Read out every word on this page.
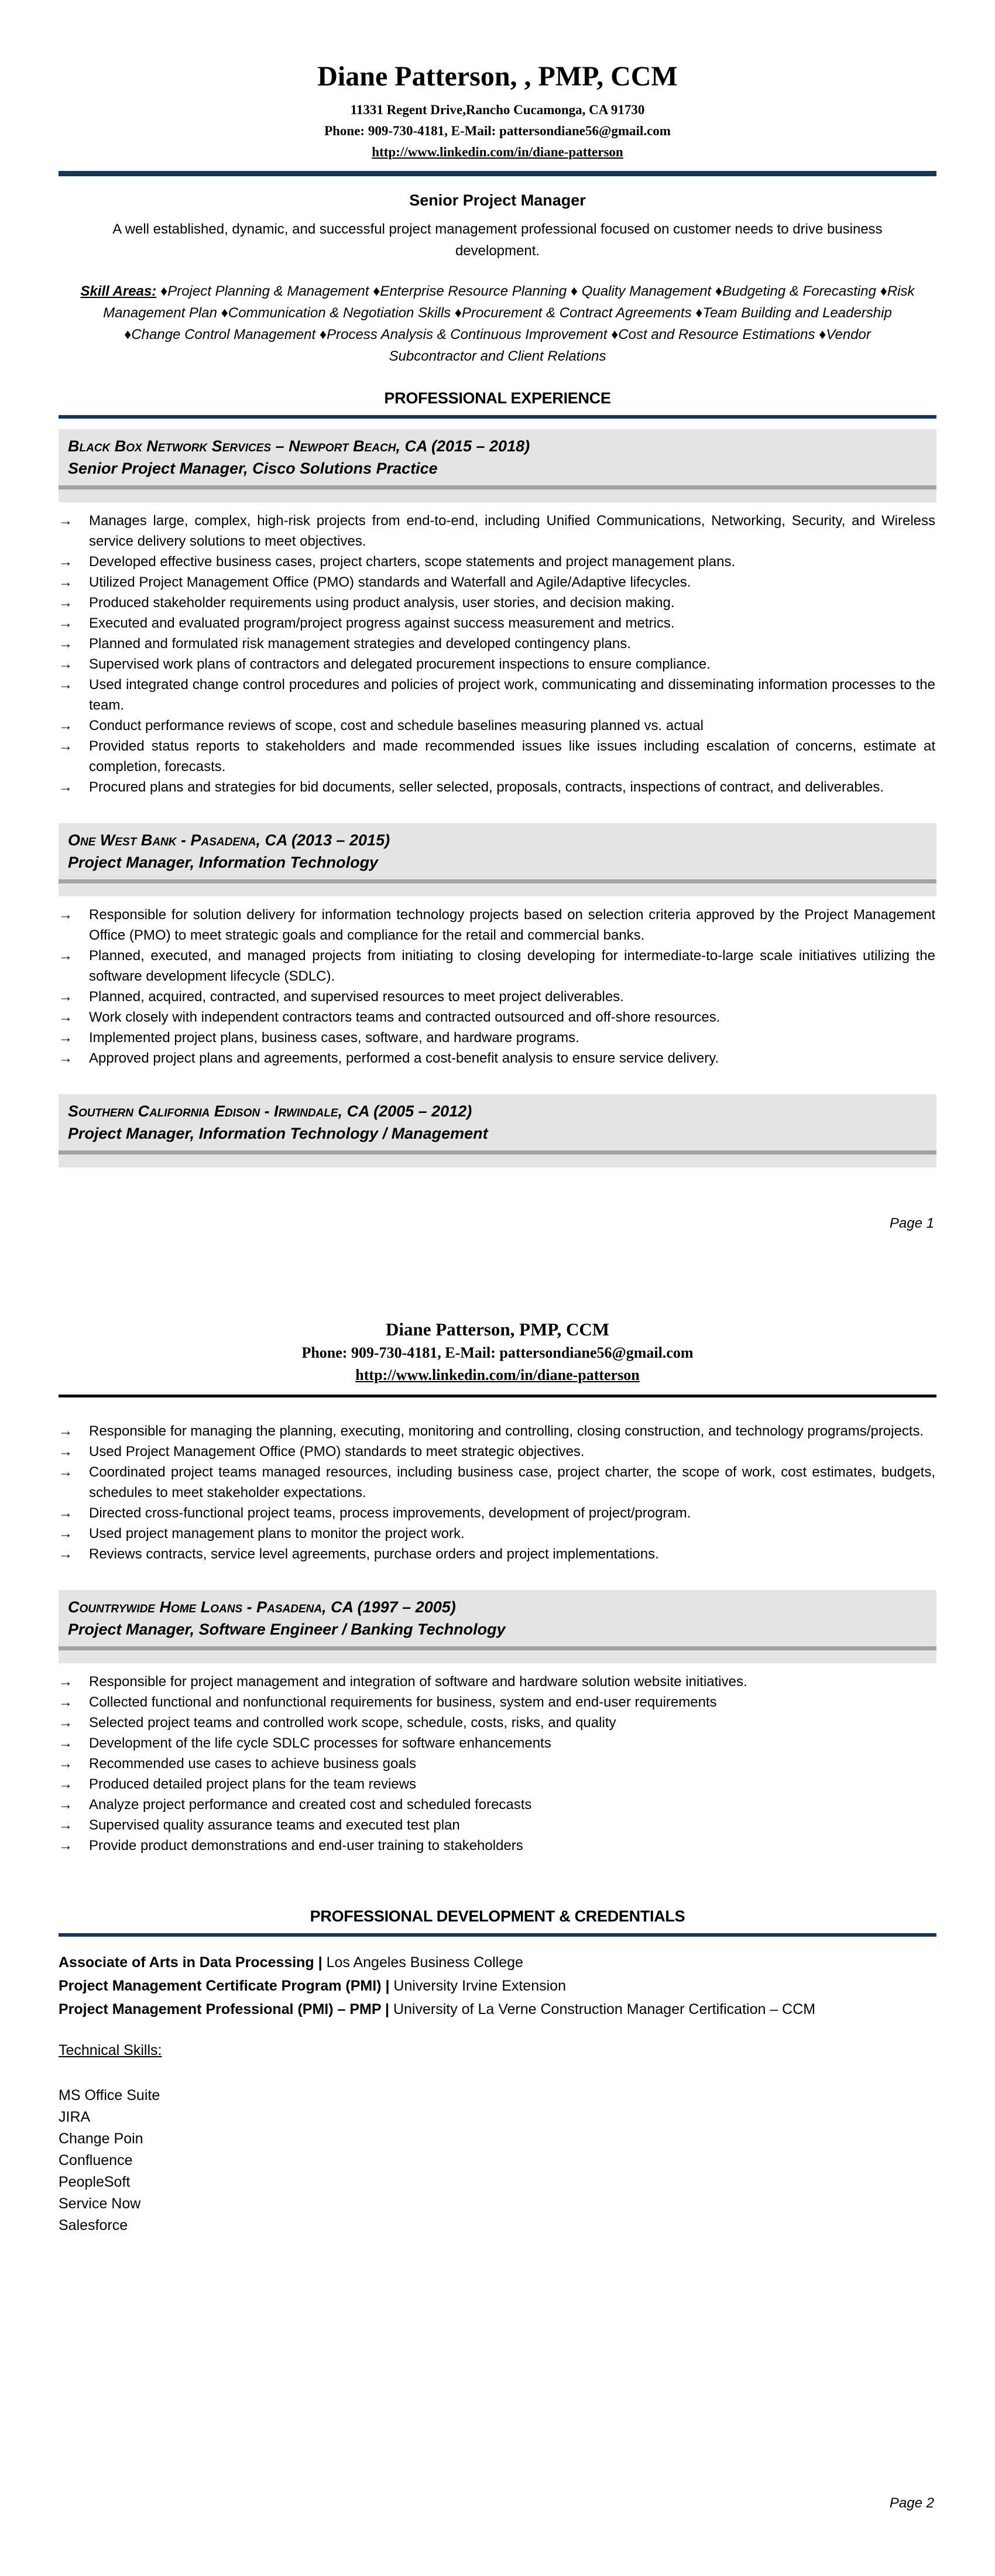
Diane Patterson, , PMP, CCM
11331 Regent Drive,Rancho Cucamonga, CA 91730
Phone: 909-730-4181, E-Mail: pattersondiane56@gmail.com
http://www.linkedin.com/in/diane-patterson
Senior Project Manager
A well established, dynamic, and successful project management professional focused on customer needs to drive business development.
Skill Areas: ♦Project Planning & Management ♦Enterprise Resource Planning ♦ Quality Management ♦Budgeting & Forecasting ♦Risk Management Plan ♦Communication & Negotiation Skills ♦Procurement & Contract Agreements ♦Team Building and Leadership ♦Change Control Management ♦Process Analysis & Continuous Improvement ♦Cost and Resource Estimations ♦Vendor Subcontractor and Client Relations
PROFESSIONAL EXPERIENCE
Black Box Network Services – Newport Beach, CA (2015 – 2018)
Senior Project Manager, Cisco Solutions Practice
→	Manages large, complex, high-risk projects from end-to-end, including Unified Communications, Networking, Security, and Wireless service delivery solutions to meet objectives.
→	Developed effective business cases, project charters, scope statements and project management plans.
→	Utilized Project Management Office (PMO) standards and Waterfall and Agile/Adaptive lifecycles.
→	Produced stakeholder requirements using product analysis, user stories, and decision making.
→	Executed and evaluated program/project progress against success measurement and metrics.
→	Planned and formulated risk management strategies and developed contingency plans.
→	Supervised work plans of contractors and delegated procurement inspections to ensure compliance.
→	Used integrated change control procedures and policies of project work, communicating and disseminating information processes to the team.
→	Conduct performance reviews of scope, cost and schedule baselines measuring planned vs. actual
→	Provided status reports to stakeholders and made recommended issues like issues including escalation of concerns, estimate at completion, forecasts.
→	Procured plans and strategies for bid documents, seller selected, proposals, contracts, inspections of contract, and deliverables.
One West Bank - Pasadena, CA (2013 – 2015)
Project Manager, Information Technology
→	Responsible for solution delivery for information technology projects based on selection criteria approved by the Project Management Office (PMO) to meet strategic goals and compliance for the retail and commercial banks.
→	Planned, executed, and managed projects from initiating to closing developing for intermediate-to-large scale initiatives utilizing the software development lifecycle (SDLC).
→	Planned, acquired, contracted, and supervised resources to meet project deliverables.
→	Work closely with independent contractors teams and contracted outsourced and off-shore resources.
→	Implemented project plans, business cases, software, and hardware programs.
→	Approved project plans and agreements, performed a cost-benefit analysis to ensure service delivery.
Southern California Edison - Irwindale, CA (2005 – 2012)
Project Manager, Information Technology / Management
Page 1
Diane Patterson, PMP, CCM
Phone: 909-730-4181, E-Mail: pattersondiane56@gmail.com
http://www.linkedin.com/in/diane-patterson
→	Responsible for managing the planning, executing, monitoring and controlling, closing construction, and technology programs/projects.
→	Used Project Management Office (PMO) standards to meet strategic objectives.
→	Coordinated project teams managed resources, including business case, project charter, the scope of work, cost estimates, budgets, schedules to meet stakeholder expectations.
→	Directed cross-functional project teams, process improvements, development of project/program.
→	Used project management plans to monitor the project work.
→	Reviews contracts, service level agreements, purchase orders and project implementations.
Countrywide Home Loans - Pasadena, CA (1997 – 2005)
Project Manager, Software Engineer / Banking Technology
→	Responsible for project management and integration of software and hardware solution website initiatives.
→	Collected functional and nonfunctional requirements for business, system and end-user requirements
→	Selected project teams and controlled work scope, schedule, costs, risks, and quality
→	Development of the life cycle SDLC processes for software enhancements
→	Recommended use cases to achieve business goals
→	Produced detailed project plans for the team reviews
→	Analyze project performance and created cost and scheduled forecasts
→	Supervised quality assurance teams and executed test plan
→	Provide product demonstrations and end-user training to stakeholders
PROFESSIONAL DEVELOPMENT & CREDENTIALS
Associate of Arts in Data Processing | Los Angeles Business College
Project Management Certificate Program (PMI) | University Irvine Extension
Project Management Professional (PMI) – PMP | University of La Verne Construction Manager Certification – CCM
Technical Skills:
MS Office Suite
JIRA
Change Poin
Confluence
PeopleSoft
Service Now
Salesforce
Page 2
